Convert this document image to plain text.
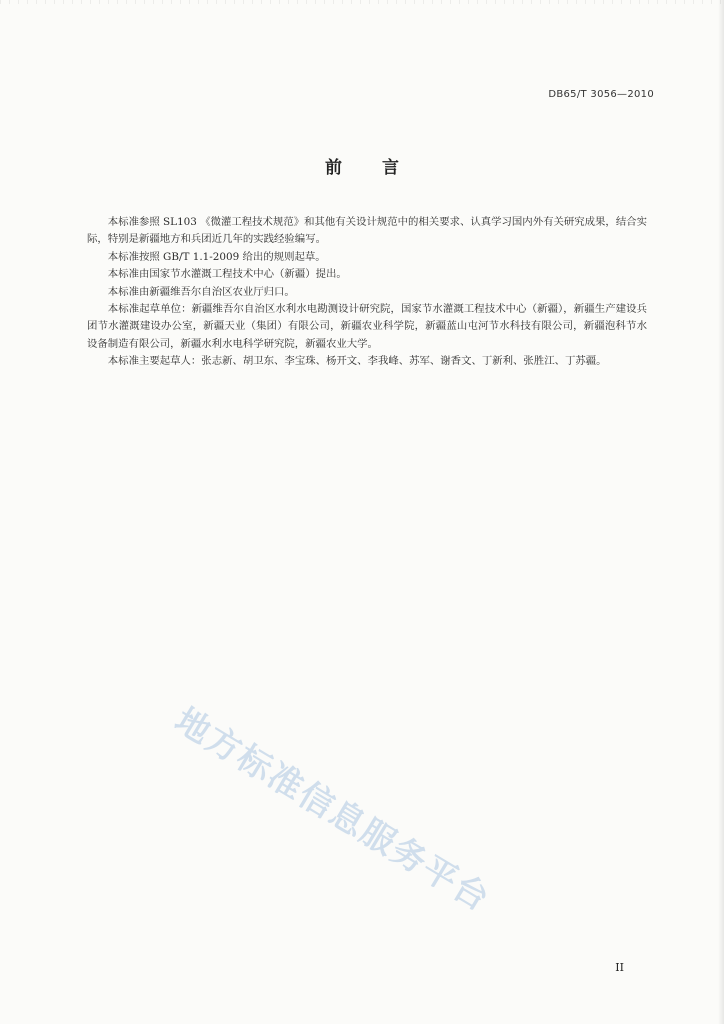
DB65/T 3056—2010
前言

本标准参照 SL103 《微灌工程技术规范》和其他有关设计规范中的相关要求、认真学习国内外有关研究成果，结合实际，特别是新疆地方和兵团近几年的实践经验编写。

本标准按照 GB/T 1.1-2009 给出的规则起草。

本标准由国家节水灌溉工程技术中心（新疆）提出。

本标准由新疆维吾尔自治区农业厅归口。

本标准起草单位：新疆维吾尔自治区水利水电勘测设计研究院，国家节水灌溉工程技术中心（新疆），新疆生产建设兵团节水灌溉建设办公室，新疆天业（集团）有限公司，新疆农业科学院，新疆蓝山屯河节水科技有限公司，新疆泡科节水设备制造有限公司，新疆水利水电科学研究院，新疆农业大学。

本标准主要起草人：张志新、胡卫东、李宝珠、杨开文、李我峰、苏军、谢香文、丁新利、张胜江、丁苏疆。

地方标准信息服务平台
II
